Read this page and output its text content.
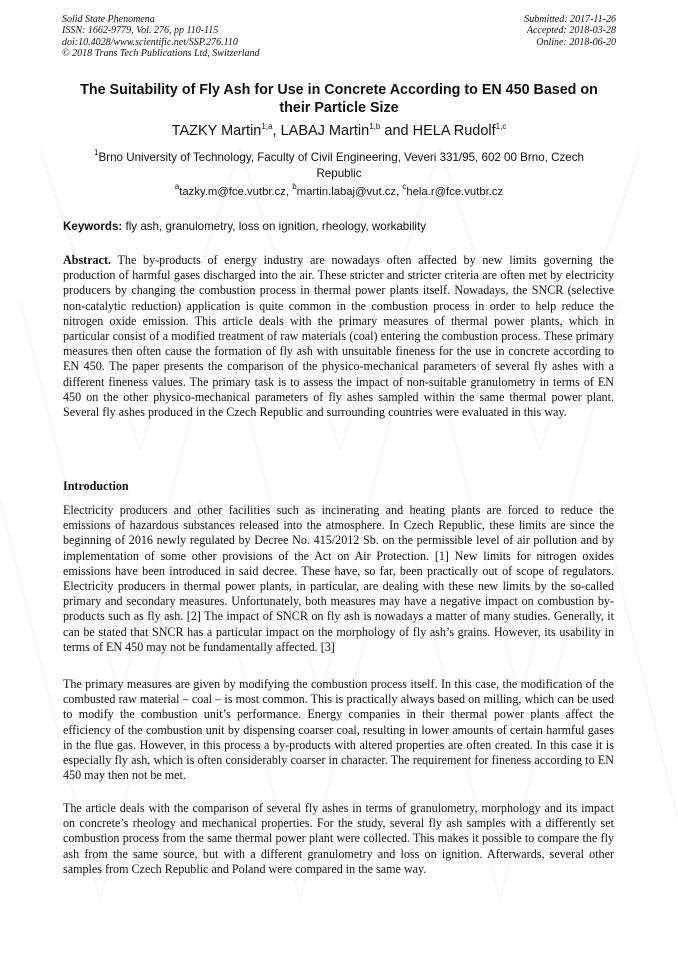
Solid State Phenomena
ISSN: 1662-9779, Vol. 276, pp 110-115
doi:10.4028/www.scientific.net/SSP.276.110
© 2018 Trans Tech Publications Ltd, Switzerland
Submitted: 2017-11-26
Accepted: 2018-03-28
Online: 2018-06-20
The Suitability of Fly Ash for Use in Concrete According to EN 450 Based on their Particle Size
TAZKY Martin$^{1,a}$, LABAJ Martin$^{1,b}$ and HELA Rudolf$^{1,c}$
$^1$Brno University of Technology, Faculty of Civil Engineering, Veveri 331/95, 602 00 Brno, Czech Republic
$^a$tazky.m@fce.vutbr.cz, $^b$martin.labaj@vut.cz, $^c$hela.r@fce.vutbr.cz
Keywords: fly ash, granulometry, loss on ignition, rheology, workability

Abstract. The by-products of energy industry are nowadays often affected by new limits governing the production of harmful gases discharged into the air. These stricter and stricter criteria are often met by electricity producers by changing the combustion process in thermal power plants itself. Nowadays, the SNCR (selective non-catalytic reduction) application is quite common in the combustion process in order to help reduce the nitrogen oxide emission. This article deals with the primary measures of thermal power plants, which in particular consist of a modified treatment of raw materials (coal) entering the combustion process. These primary measures then often cause the formation of fly ash with unsuitable fineness for the use in concrete according to EN 450. The paper presents the comparison of the physico-mechanical parameters of several fly ashes with a different fineness values. The primary task is to assess the impact of non-suitable granulometry in terms of EN 450 on the other physico-mechanical parameters of fly ashes sampled within the same thermal power plant. Several fly ashes produced in the Czech Republic and surrounding countries were evaluated in this way.

Introduction

Electricity producers and other facilities such as incinerating and heating plants are forced to reduce the emissions of hazardous substances released into the atmosphere. In Czech Republic, these limits are since the beginning of 2016 newly regulated by Decree No. 415/2012 Sb. on the permissible level of air pollution and by implementation of some other provisions of the Act on Air Protection. [1] New limits for nitrogen oxides emissions have been introduced in said decree. These have, so far, been practically out of scope of regulators. Electricity producers in thermal power plants, in particular, are dealing with these new limits by the so-called primary and secondary measures. Unfortunately, both measures may have a negative impact on combustion by-products such as fly ash. [2] The impact of SNCR on fly ash is nowadays a matter of many studies. Generally, it can be stated that SNCR has a particular impact on the morphology of fly ash’s grains. However, its usability in terms of EN 450 may not be fundamentally affected. [3]

The primary measures are given by modifying the combustion process itself. In this case, the modification of the combusted raw material – coal – is most common. This is practically always based on milling, which can be used to modify the combustion unit’s performance. Energy companies in their thermal power plants affect the efficiency of the combustion unit by dispensing coarser coal, resulting in lower amounts of certain harmful gases in the flue gas. However, in this process a by-products with altered properties are often created. In this case it is especially fly ash, which is often considerably coarser in character. The requirement for fineness according to EN 450 may then not be met.

The article deals with the comparison of several fly ashes in terms of granulometry, morphology and its impact on concrete’s rheology and mechanical properties. For the study, several fly ash samples with a differently set combustion process from the same thermal power plant were collected. This makes it possible to compare the fly ash from the same source, but with a different granulometry and loss on ignition. Afterwards, several other samples from Czech Republic and Poland were compared in the same way.
